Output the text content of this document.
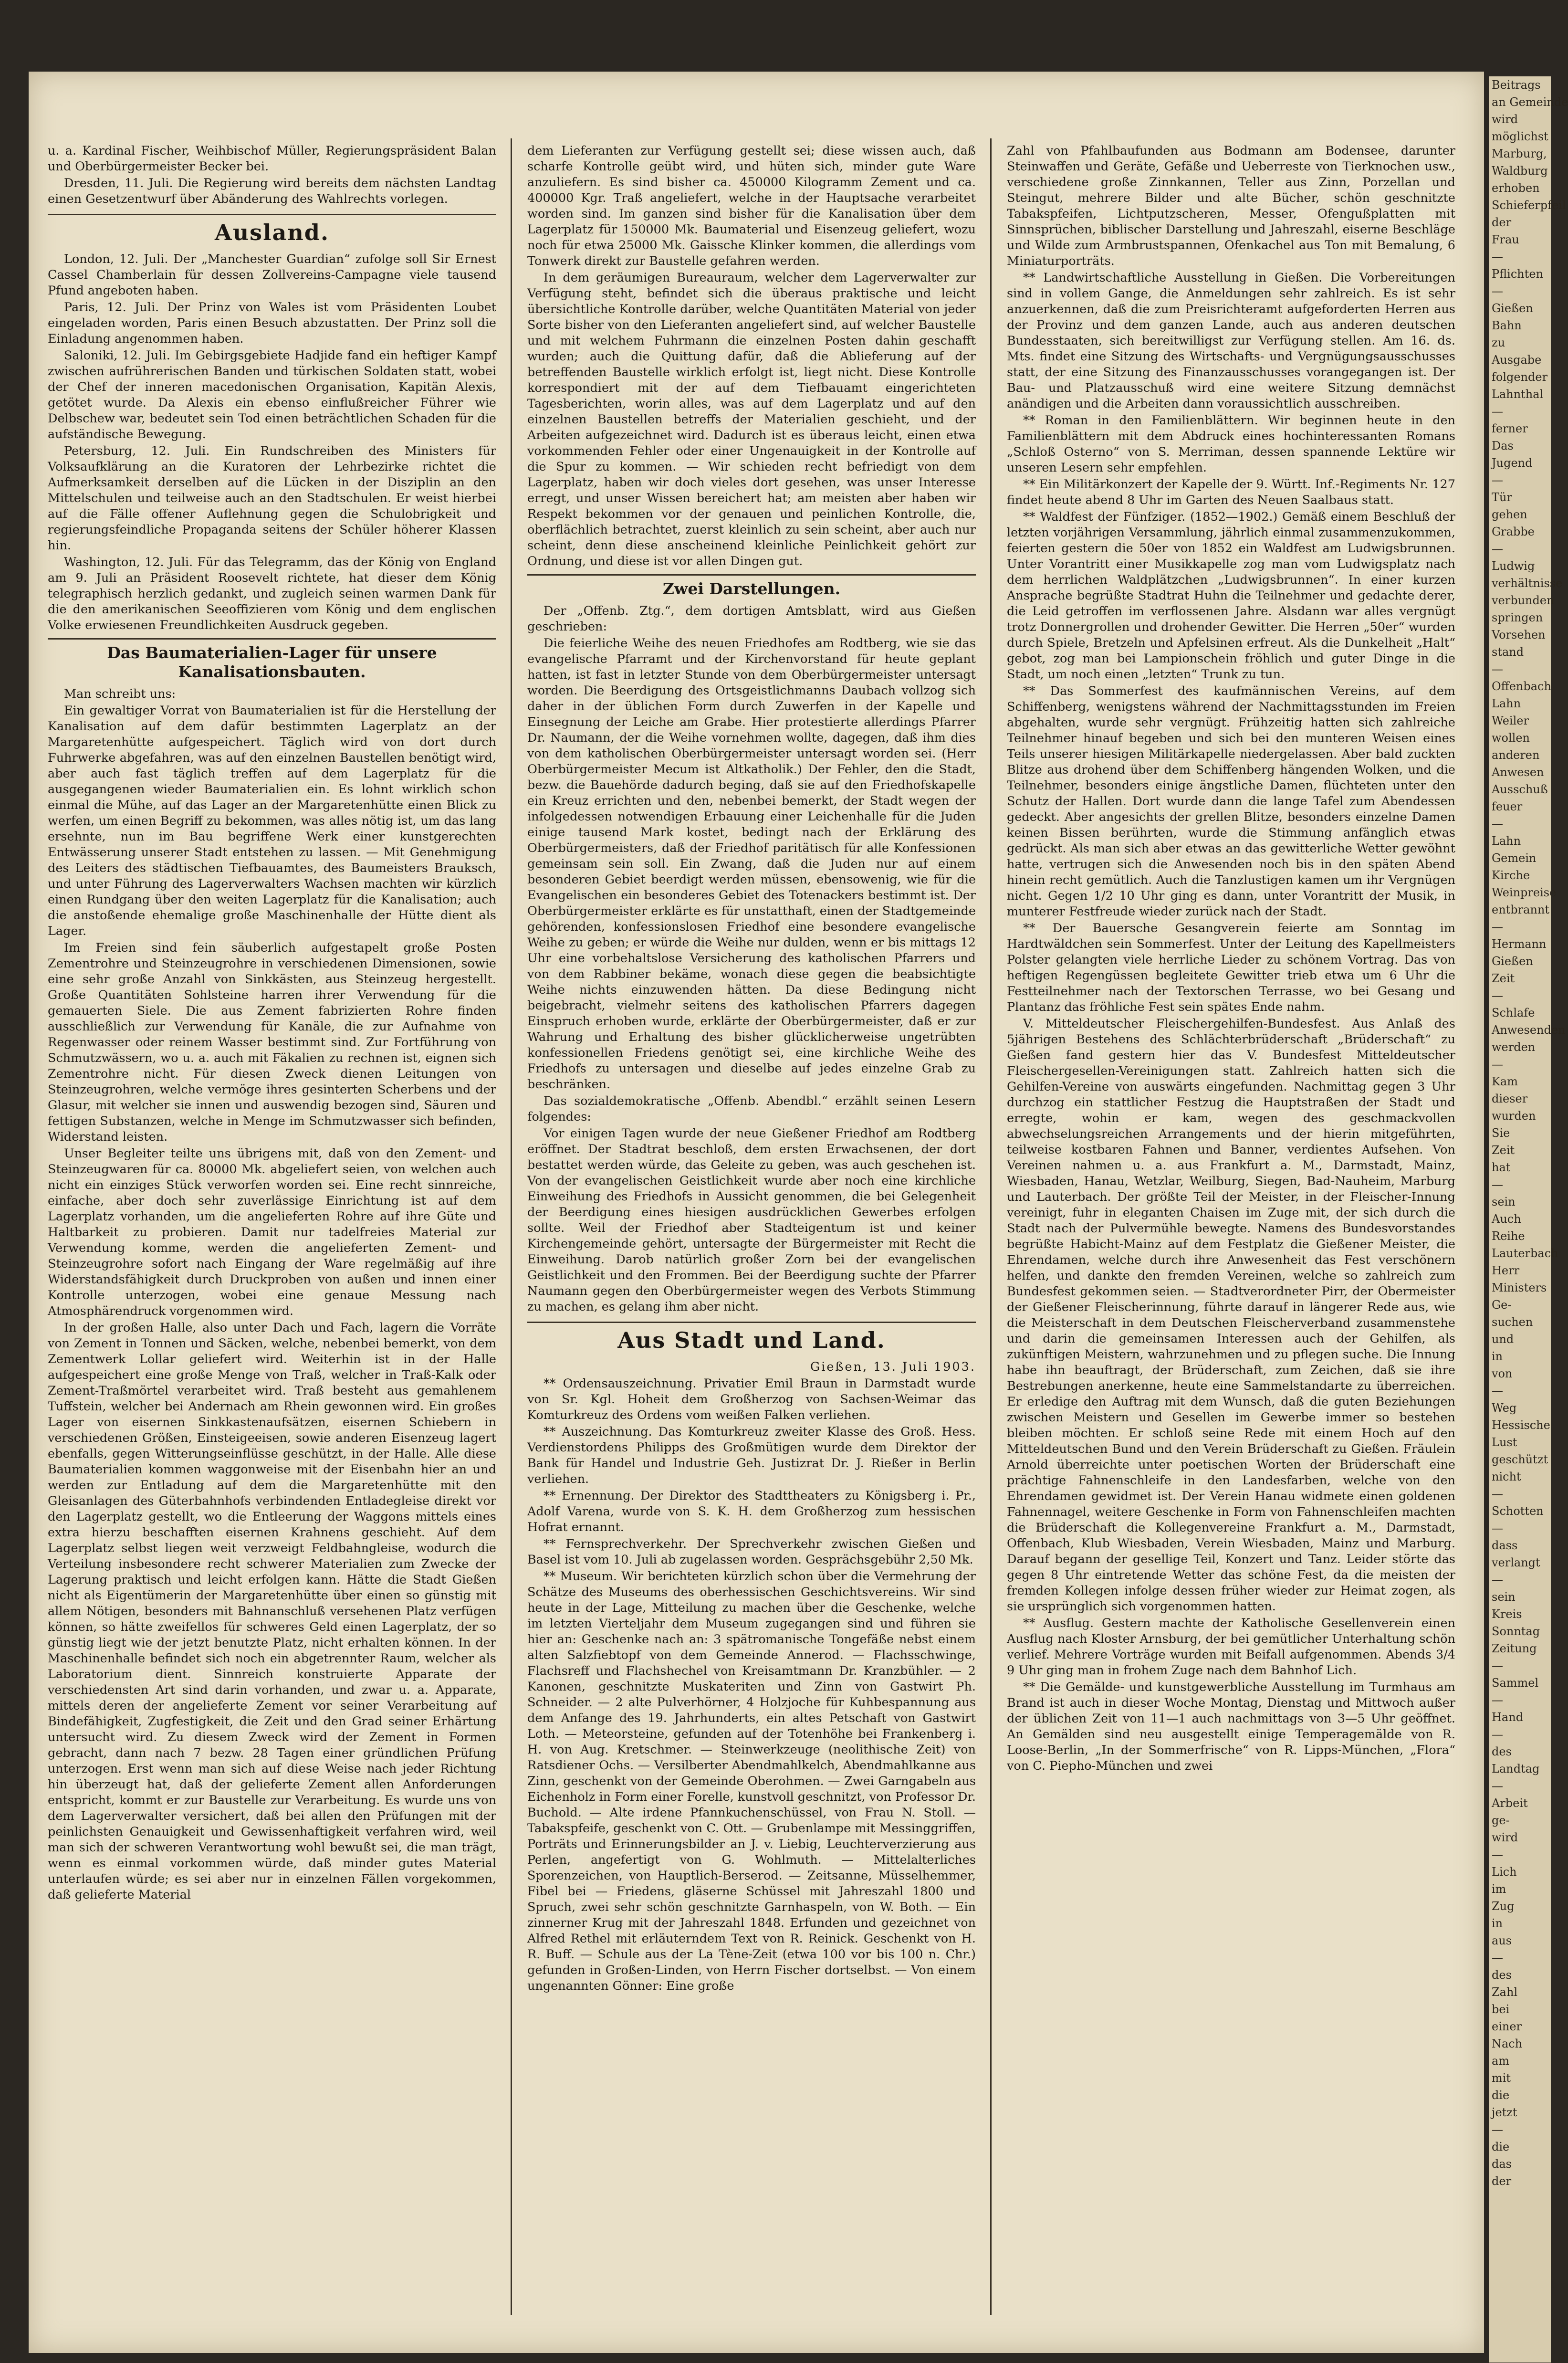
u. a. Kardinal Fischer, Weihbischof Müller, Regierungspräsident Balan und Oberbürgermeister Becker bei.

Dresden, 11. Juli. Die Regierung wird bereits dem nächsten Landtag einen Gesetzentwurf über Abänderung des Wahlrechts vorlegen.

Ausland.

London, 12. Juli. Der „Manchester Guardian“ zufolge soll Sir Ernest Cassel Chamberlain für dessen Zollvereins-Campagne viele tausend Pfund angeboten haben.

Paris, 12. Juli. Der Prinz von Wales ist vom Präsidenten Loubet eingeladen worden, Paris einen Besuch abzustatten. Der Prinz soll die Einladung angenommen haben.

Saloniki, 12. Juli. Im Gebirgsgebiete Hadjide fand ein heftiger Kampf zwischen aufrührerischen Banden und türkischen Soldaten statt, wobei der Chef der inneren macedonischen Organisation, Kapitän Alexis, getötet wurde. Da Alexis ein ebenso einflußreicher Führer wie Delbschew war, bedeutet sein Tod einen beträchtlichen Schaden für die aufständische Bewegung.

Petersburg, 12. Juli. Ein Rundschreiben des Ministers für Volksaufklärung an die Kuratoren der Lehrbezirke richtet die Aufmerksamkeit derselben auf die Lücken in der Disziplin an den Mittelschulen und teilweise auch an den Stadtschulen. Er weist hierbei auf die Fälle offener Auflehnung gegen die Schulobrigkeit und regierungsfeindliche Propaganda seitens der Schüler höherer Klassen hin.

Washington, 12. Juli. Für das Telegramm, das der König von England am 9. Juli an Präsident Roosevelt richtete, hat dieser dem König telegraphisch herzlich gedankt, und zugleich seinen warmen Dank für die den amerikanischen Seeoffizieren vom König und dem englischen Volke erwiesenen Freundlichkeiten Ausdruck gegeben.

Das Baumaterialien-Lager für unsere Kanalisationsbauten.

Man schreibt uns:

Ein gewaltiger Vorrat von Baumaterialien ist für die Herstellung der Kanalisation auf dem dafür bestimmten Lagerplatz an der Margaretenhütte aufgespeichert. Täglich wird von dort durch Fuhrwerke abgefahren, was auf den einzelnen Baustellen benötigt wird, aber auch fast täglich treffen auf dem Lagerplatz für die ausgegangenen wieder Baumaterialien ein. Es lohnt wirklich schon einmal die Mühe, auf das Lager an der Margaretenhütte einen Blick zu werfen, um einen Begriff zu bekommen, was alles nötig ist, um das lang ersehnte, nun im Bau begriffene Werk einer kunstgerechten Entwässerung unserer Stadt entstehen zu lassen. — Mit Genehmigung des Leiters des städtischen Tiefbauamtes, des Baumeisters Brauksch, und unter Führung des Lagerverwalters Wachsen machten wir kürzlich einen Rundgang über den weiten Lagerplatz für die Kanalisation; auch die anstoßende ehemalige große Maschinenhalle der Hütte dient als Lager.

Im Freien sind fein säuberlich aufgestapelt große Posten Zementrohre und Steinzeugrohre in verschiedenen Dimensionen, sowie eine sehr große Anzahl von Sinkkästen, aus Steinzeug hergestellt. Große Quantitäten Sohlsteine harren ihrer Verwendung für die gemauerten Siele. Die aus Zement fabrizierten Rohre finden ausschließlich zur Verwendung für Kanäle, die zur Aufnahme von Regenwasser oder reinem Wasser bestimmt sind. Zur Fortführung von Schmutzwässern, wo u. a. auch mit Fäkalien zu rechnen ist, eignen sich Zementrohre nicht. Für diesen Zweck dienen Leitungen von Steinzeugrohren, welche vermöge ihres gesinterten Scherbens und der Glasur, mit welcher sie innen und auswendig bezogen sind, Säuren und fettigen Substanzen, welche in Menge im Schmutzwasser sich befinden, Widerstand leisten.

Unser Begleiter teilte uns übrigens mit, daß von den Zement- und Steinzeugwaren für ca. 80000 Mk. abgeliefert seien, von welchen auch nicht ein einziges Stück verworfen worden sei. Eine recht sinnreiche, einfache, aber doch sehr zuverlässige Einrichtung ist auf dem Lagerplatz vorhanden, um die angelieferten Rohre auf ihre Güte und Haltbarkeit zu probieren. Damit nur tadelfreies Material zur Verwendung komme, werden die angelieferten Zement- und Steinzeugrohre sofort nach Eingang der Ware regelmäßig auf ihre Widerstandsfähigkeit durch Druckproben von außen und innen einer Kontrolle unterzogen, wobei eine genaue Messung nach Atmosphärendruck vorgenommen wird.

In der großen Halle, also unter Dach und Fach, lagern die Vorräte von Zement in Tonnen und Säcken, welche, nebenbei bemerkt, von dem Zementwerk Lollar geliefert wird. Weiterhin ist in der Halle aufgespeichert eine große Menge von Traß, welcher in Traß-Kalk oder Zement-Traßmörtel verarbeitet wird. Traß besteht aus gemahlenem Tuffstein, welcher bei Andernach am Rhein gewonnen wird. Ein großes Lager von eisernen Sinkkastenaufsätzen, eisernen Schiebern in verschiedenen Größen, Einsteigeeisen, sowie anderen Eisenzeug lagert ebenfalls, gegen Witterungseinflüsse geschützt, in der Halle. Alle diese Baumaterialien kommen waggonweise mit der Eisenbahn hier an und werden zur Entladung auf dem die Margaretenhütte mit den Gleisanlagen des Güterbahnhofs verbindenden Entladegleise direkt vor den Lagerplatz gestellt, wo die Entleerung der Waggons mittels eines extra hierzu beschafften eisernen Krahnens geschieht. Auf dem Lagerplatz selbst liegen weit verzweigt Feldbahngleise, wodurch die Verteilung insbesondere recht schwerer Materialien zum Zwecke der Lagerung praktisch und leicht erfolgen kann. Hätte die Stadt Gießen nicht als Eigentümerin der Margaretenhütte über einen so günstig mit allem Nötigen, besonders mit Bahnanschluß versehenen Platz verfügen können, so hätte zweifellos für schweres Geld einen Lagerplatz, der so günstig liegt wie der jetzt benutzte Platz, nicht erhalten können. In der Maschinenhalle befindet sich noch ein abgetrennter Raum, welcher als Laboratorium dient. Sinnreich konstruierte Apparate der verschiedensten Art sind darin vorhanden, und zwar u. a. Apparate, mittels deren der angelieferte Zement vor seiner Verarbeitung auf Bindefähigkeit, Zugfestigkeit, die Zeit und den Grad seiner Erhärtung untersucht wird. Zu diesem Zweck wird der Zement in Formen gebracht, dann nach 7 bezw. 28 Tagen einer gründlichen Prüfung unterzogen. Erst wenn man sich auf diese Weise nach jeder Richtung hin überzeugt hat, daß der gelieferte Zement allen Anforderungen entspricht, kommt er zur Baustelle zur Verarbeitung. Es wurde uns von dem Lagerverwalter versichert, daß bei allen den Prüfungen mit der peinlichsten Genauigkeit und Gewissenhaftigkeit verfahren wird, weil man sich der schweren Verantwortung wohl bewußt sei, die man trägt, wenn es einmal vorkommen würde, daß minder gutes Material unterlaufen würde; es sei aber nur in einzelnen Fällen vorgekommen, daß gelieferte Material

dem Lieferanten zur Verfügung gestellt sei; diese wissen auch, daß scharfe Kontrolle geübt wird, und hüten sich, minder gute Ware anzuliefern. Es sind bisher ca. 450000 Kilogramm Zement und ca. 400000 Kgr. Traß angeliefert, welche in der Hauptsache verarbeitet worden sind. Im ganzen sind bisher für die Kanalisation über dem Lagerplatz für 150000 Mk. Baumaterial und Eisenzeug geliefert, wozu noch für etwa 25000 Mk. Gaissche Klinker kommen, die allerdings vom Tonwerk direkt zur Baustelle gefahren werden.

In dem geräumigen Bureauraum, welcher dem Lagerverwalter zur Verfügung steht, befindet sich die überaus praktische und leicht übersichtliche Kontrolle darüber, welche Quantitäten Material von jeder Sorte bisher von den Lieferanten angeliefert sind, auf welcher Baustelle und mit welchem Fuhrmann die einzelnen Posten dahin geschafft wurden; auch die Quittung dafür, daß die Ablieferung auf der betreffenden Baustelle wirklich erfolgt ist, liegt nicht. Diese Kontrolle korrespondiert mit der auf dem Tiefbauamt eingerichteten Tagesberichten, worin alles, was auf dem Lagerplatz und auf den einzelnen Baustellen betreffs der Materialien geschieht, und der Arbeiten aufgezeichnet wird. Dadurch ist es überaus leicht, einen etwa vorkommenden Fehler oder einer Ungenauigkeit in der Kontrolle auf die Spur zu kommen. — Wir schieden recht befriedigt von dem Lagerplatz, haben wir doch vieles dort gesehen, was unser Interesse erregt, und unser Wissen bereichert hat; am meisten aber haben wir Respekt bekommen vor der genauen und peinlichen Kontrolle, die, oberflächlich betrachtet, zuerst kleinlich zu sein scheint, aber auch nur scheint, denn diese anscheinend kleinliche Peinlichkeit gehört zur Ordnung, und diese ist vor allen Dingen gut.

Zwei Darstellungen.

Der „Offenb. Ztg.“, dem dortigen Amtsblatt, wird aus Gießen geschrieben:

Die feierliche Weihe des neuen Friedhofes am Rodtberg, wie sie das evangelische Pfarramt und der Kirchenvorstand für heute geplant hatten, ist fast in letzter Stunde von dem Oberbürgermeister untersagt worden. Die Beerdigung des Ortsgeistlichmanns Daubach vollzog sich daher in der üblichen Form durch Zuwerfen in der Kapelle und Einsegnung der Leiche am Grabe. Hier protestierte allerdings Pfarrer Dr. Naumann, der die Weihe vornehmen wollte, dagegen, daß ihm dies von dem katholischen Oberbürgermeister untersagt worden sei. (Herr Oberbürgermeister Mecum ist Altkatholik.) Der Fehler, den die Stadt, bezw. die Bauehörde dadurch beging, daß sie auf den Friedhofskapelle ein Kreuz errichten und den, nebenbei bemerkt, der Stadt wegen der infolgedessen notwendigen Erbauung einer Leichenhalle für die Juden einige tausend Mark kostet, bedingt nach der Erklärung des Oberbürgermeisters, daß der Friedhof paritätisch für alle Konfessionen gemeinsam sein soll. Ein Zwang, daß die Juden nur auf einem besonderen Gebiet beerdigt werden müssen, ebensowenig, wie für die Evangelischen ein besonderes Gebiet des Totenackers bestimmt ist. Der Oberbürgermeister erklärte es für unstatthaft, einen der Stadtgemeinde gehörenden, konfessionslosen Friedhof eine besondere evangelische Weihe zu geben; er würde die Weihe nur dulden, wenn er bis mittags 12 Uhr eine vorbehaltslose Versicherung des katholischen Pfarrers und von dem Rabbiner bekäme, wonach diese gegen die beabsichtigte Weihe nichts einzuwenden hätten. Da diese Bedingung nicht beigebracht, vielmehr seitens des katholischen Pfarrers dagegen Einspruch erhoben wurde, erklärte der Oberbürgermeister, daß er zur Wahrung und Erhaltung des bisher glücklicherweise ungetrübten konfessionellen Friedens genötigt sei, eine kirchliche Weihe des Friedhofs zu untersagen und dieselbe auf jedes einzelne Grab zu beschränken.

Das sozialdemokratische „Offenb. Abendbl.“ erzählt seinen Lesern folgendes:

Vor einigen Tagen wurde der neue Gießener Friedhof am Rodtberg eröffnet. Der Stadtrat beschloß, dem ersten Erwachsenen, der dort bestattet werden würde, das Geleite zu geben, was auch geschehen ist. Von der evangelischen Geistlichkeit wurde aber noch eine kirchliche Einweihung des Friedhofs in Aussicht genommen, die bei Gelegenheit der Beerdigung eines hiesigen ausdrücklichen Gewerbes erfolgen sollte. Weil der Friedhof aber Stadteigentum ist und keiner Kirchengemeinde gehört, untersagte der Bürgermeister mit Recht die Einweihung. Darob natürlich großer Zorn bei der evangelischen Geistlichkeit und den Frommen. Bei der Beerdigung suchte der Pfarrer Naumann gegen den Oberbürgermeister wegen des Verbots Stimmung zu machen, es gelang ihm aber nicht.

Aus Stadt und Land.

Gießen, 13. Juli 1903.

** Ordensauszeichnung. Privatier Emil Braun in Darmstadt wurde von Sr. Kgl. Hoheit dem Großherzog von Sachsen-Weimar das Komturkreuz des Ordens vom weißen Falken verliehen.

** Auszeichnung. Das Komturkreuz zweiter Klasse des Groß. Hess. Verdienstordens Philipps des Großmütigen wurde dem Direktor der Bank für Handel und Industrie Geh. Justizrat Dr. J. Rießer in Berlin verliehen.

** Ernennung. Der Direktor des Stadttheaters zu Königsberg i. Pr., Adolf Varena, wurde von S. K. H. dem Großherzog zum hessischen Hofrat ernannt.

** Fernsprechverkehr. Der Sprechverkehr zwischen Gießen und Basel ist vom 10. Juli ab zugelassen worden. Gesprächsgebühr 2,50 Mk.

** Museum. Wir berichteten kürzlich schon über die Vermehrung der Schätze des Museums des oberhessischen Geschichtsvereins. Wir sind heute in der Lage, Mitteilung zu machen über die Geschenke, welche im letzten Vierteljahr dem Museum zugegangen sind und führen sie hier an: Geschenke nach an: 3 spätromanische Tongefäße nebst einem alten Salzfiebtopf von dem Gemeinde Annerod. — Flachsschwinge, Flachsreff und Flachshechel von Kreisamtmann Dr. Kranzbühler. — 2 Kanonen, geschnitzte Muskateriten und Zinn von Gastwirt Ph. Schneider. — 2 alte Pulverhörner, 4 Holzjoche für Kuhbespannung aus dem Anfange des 19. Jahrhunderts, ein altes Petschaft von Gastwirt Loth. — Meteorsteine, gefunden auf der Totenhöhe bei Frankenberg i. H. von Aug. Kretschmer. — Steinwerkzeuge (neolithische Zeit) von Ratsdiener Ochs. — Versilberter Abendmahlkelch, Abendmahlkanne aus Zinn, geschenkt von der Gemeinde Oberohmen. — Zwei Garngabeln aus Eichenholz in Form einer Forelle, kunstvoll geschnitzt, von Professor Dr. Buchold. — Alte irdene Pfannkuchenschüssel, von Frau N. Stoll. — Tabakspfeife, geschenkt von C. Ott. — Grubenlampe mit Messinggriffen, Porträts und Erinnerungsbilder an J. v. Liebig, Leuchterverzierung aus Perlen, angefertigt von G. Wohlmuth. — Mittelalterliches Sporenzeichen, von Hauptlich-Berserod. — Zeitsanne, Müsselhemmer, Fibel bei — Friedens, gläserne Schüssel mit Jahreszahl 1800 und Spruch, zwei sehr schön geschnitzte Garnhaspeln, von W. Both. — Ein zinnerner Krug mit der Jahreszahl 1848. Erfunden und gezeichnet von Alfred Rethel mit erläuterndem Text von R. Reinick. Geschenkt von H. R. Buff. — Schule aus der La Tène-Zeit (etwa 100 vor bis 100 n. Chr.) gefunden in Großen-Linden, von Herrn Fischer dortselbst. — Von einem ungenannten Gönner: Eine große

Zahl von Pfahlbaufunden aus Bodmann am Bodensee, darunter Steinwaffen und Geräte, Gefäße und Ueberreste von Tierknochen usw., verschiedene große Zinnkannen, Teller aus Zinn, Porzellan und Steingut, mehrere Bilder und alte Bücher, schön geschnitzte Tabakspfeifen, Lichtputzscheren, Messer, Ofengußplatten mit Sinnsprüchen, biblischer Darstellung und Jahreszahl, eiserne Beschläge und Wilde zum Armbrustspannen, Ofenkachel aus Ton mit Bemalung, 6 Miniaturporträts.

** Landwirtschaftliche Ausstellung in Gießen. Die Vorbereitungen sind in vollem Gange, die Anmeldungen sehr zahlreich. Es ist sehr anzuerkennen, daß die zum Preisrichteramt aufgeforderten Herren aus der Provinz und dem ganzen Lande, auch aus anderen deutschen Bundesstaaten, sich bereitwilligst zur Verfügung stellen. Am 16. ds. Mts. findet eine Sitzung des Wirtschafts- und Vergnügungsausschusses statt, der eine Sitzung des Finanzausschusses vorangegangen ist. Der Bau- und Platzausschuß wird eine weitere Sitzung demnächst anändigen und die Arbeiten dann voraussichtlich ausschreiben.

** Roman in den Familienblättern. Wir beginnen heute in den Familienblättern mit dem Abdruck eines hochinteressanten Romans „Schloß Osterno“ von S. Merriman, dessen spannende Lektüre wir unseren Lesern sehr empfehlen.

** Ein Militärkonzert der Kapelle der 9. Württ. Inf.-Regiments Nr. 127 findet heute abend 8 Uhr im Garten des Neuen Saalbaus statt.

** Waldfest der Fünfziger. (1852—1902.) Gemäß einem Beschluß der letzten vorjährigen Versammlung, jährlich einmal zusammenzukommen, feierten gestern die 50er von 1852 ein Waldfest am Ludwigsbrunnen. Unter Vorantritt einer Musikkapelle zog man vom Ludwigsplatz nach dem herrlichen Waldplätzchen „Ludwigsbrunnen“. In einer kurzen Ansprache begrüßte Stadtrat Huhn die Teilnehmer und gedachte derer, die Leid getroffen im verflossenen Jahre. Alsdann war alles vergnügt trotz Donnergrollen und drohender Gewitter. Die Herren „50er“ wurden durch Spiele, Bretzeln und Apfelsinen erfreut. Als die Dunkelheit „Halt“ gebot, zog man bei Lampionschein fröhlich und guter Dinge in die Stadt, um noch einen „letzten“ Trunk zu tun.

** Das Sommerfest des kaufmännischen Vereins, auf dem Schiffenberg, wenigstens während der Nachmittagsstunden im Freien abgehalten, wurde sehr vergnügt. Frühzeitig hatten sich zahlreiche Teilnehmer hinauf begeben und sich bei den munteren Weisen eines Teils unserer hiesigen Militärkapelle niedergelassen. Aber bald zuckten Blitze aus drohend über dem Schiffenberg hängenden Wolken, und die Teilnehmer, besonders einige ängstliche Damen, flüchteten unter den Schutz der Hallen. Dort wurde dann die lange Tafel zum Abendessen gedeckt. Aber angesichts der grellen Blitze, besonders einzelne Damen keinen Bissen berührten, wurde die Stimmung anfänglich etwas gedrückt. Als man sich aber etwas an das gewitterliche Wetter gewöhnt hatte, vertrugen sich die Anwesenden noch bis in den späten Abend hinein recht gemütlich. Auch die Tanzlustigen kamen um ihr Vergnügen nicht. Gegen 1/2 10 Uhr ging es dann, unter Vorantritt der Musik, in munterer Festfreude wieder zurück nach der Stadt.

** Der Bauersche Gesangverein feierte am Sonntag im Hardtwäldchen sein Sommerfest. Unter der Leitung des Kapellmeisters Polster gelangten viele herrliche Lieder zu schönem Vortrag. Das von heftigen Regengüssen begleitete Gewitter trieb etwa um 6 Uhr die Festteilnehmer nach der Textorschen Terrasse, wo bei Gesang und Plantanz das fröhliche Fest sein spätes Ende nahm.

V. Mitteldeutscher Fleischergehilfen-Bundesfest. Aus Anlaß des 5jährigen Bestehens des Schlächterbrüderschaft „Brüderschaft“ zu Gießen fand gestern hier das V. Bundesfest Mitteldeutscher Fleischergesellen-Vereinigungen statt. Zahlreich hatten sich die Gehilfen-Vereine von auswärts eingefunden. Nachmittag gegen 3 Uhr durchzog ein stattlicher Festzug die Hauptstraßen der Stadt und erregte, wohin er kam, wegen des geschmackvollen abwechselungsreichen Arrangements und der hierin mitgeführten, teilweise kostbaren Fahnen und Banner, verdientes Aufsehen. Von Vereinen nahmen u. a. aus Frankfurt a. M., Darmstadt, Mainz, Wiesbaden, Hanau, Wetzlar, Weilburg, Siegen, Bad-Nauheim, Marburg und Lauterbach. Der größte Teil der Meister, in der Fleischer-Innung vereinigt, fuhr in eleganten Chaisen im Zuge mit, der sich durch die Stadt nach der Pulvermühle bewegte. Namens des Bundesvorstandes begrüßte Habicht-Mainz auf dem Festplatz die Gießener Meister, die Ehrendamen, welche durch ihre Anwesenheit das Fest verschönern helfen, und dankte den fremden Vereinen, welche so zahlreich zum Bundesfest gekommen seien. — Stadtverordneter Pirr, der Obermeister der Gießener Fleischerinnung, führte darauf in längerer Rede aus, wie die Meisterschaft in dem Deutschen Fleischerverband zusammenstehe und darin die gemeinsamen Interessen auch der Gehilfen, als zukünftigen Meistern, wahrzunehmen und zu pflegen suche. Die Innung habe ihn beauftragt, der Brüderschaft, zum Zeichen, daß sie ihre Bestrebungen anerkenne, heute eine Sammelstandarte zu überreichen. Er erledige den Auftrag mit dem Wunsch, daß die guten Beziehungen zwischen Meistern und Gesellen im Gewerbe immer so bestehen bleiben möchten. Er schloß seine Rede mit einem Hoch auf den Mitteldeutschen Bund und den Verein Brüderschaft zu Gießen. Fräulein Arnold überreichte unter poetischen Worten der Brüderschaft eine prächtige Fahnenschleife in den Landesfarben, welche von den Ehrendamen gewidmet ist. Der Verein Hanau widmete einen goldenen Fahnennagel, weitere Geschenke in Form von Fahnenschleifen machten die Brüderschaft die Kollegenvereine Frankfurt a. M., Darmstadt, Offenbach, Klub Wiesbaden, Verein Wiesbaden, Mainz und Marburg. Darauf begann der gesellige Teil, Konzert und Tanz. Leider störte das gegen 8 Uhr eintretende Wetter das schöne Fest, da die meisten der fremden Kollegen infolge dessen früher wieder zur Heimat zogen, als sie ursprünglich sich vorgenommen hatten.

** Ausflug. Gestern machte der Katholische Gesellenverein einen Ausflug nach Kloster Arnsburg, der bei gemütlicher Unterhaltung schön verlief. Mehrere Vorträge wurden mit Beifall aufgenommen. Abends 3/4 9 Uhr ging man in frohem Zuge nach dem Bahnhof Lich.

** Die Gemälde- und kunstgewerbliche Ausstellung im Turmhaus am Brand ist auch in dieser Woche Montag, Dienstag und Mittwoch außer der üblichen Zeit von 11—1 auch nachmittags von 3—5 Uhr geöffnet. An Gemälden sind neu ausgestellt einige Temperagemälde von R. Loose-Berlin, „In der Sommerfrische“ von R. Lipps-München, „Flora“ von C. Piepho-München und zwei

Beitrags
an Gemeinde
wird
möglichst
Marburg,
Waldburg
erhoben
Schieferpfeil
der
Frau
—
Pflichten
—
Gießen
Bahn
zu
Ausgabe
folgender
Lahnthal
—
ferner
Das
Jugend
—
Tür
gehen
Grabbe
—
Ludwig
verhältnisse
verbunden
springen
Vorsehen
stand
—
Offenbach
Lahn
Weiler
wollen
anderen
Anwesen
Ausschuß
feuer
—
Lahn
Gemein
Kirche
Weinpreise
entbrannt
—
Hermann
Gießen
Zeit
—
Schlafe
Anwesenden
werden
—
Kam
dieser
wurden
Sie
Zeit
hat
—
sein
Auch
Reihe
Lauterbach
Herr
Ministers
Ge-
suchen
und
in
von
—
Weg
Hessische
Lust
geschützt
nicht
—
Schotten
—
dass
verlangt
—
sein
Kreis
Sonntag
Zeitung
—
Sammel
—
Hand
—
des
Landtag
—
Arbeit
ge-
wird
—
Lich
im
Zug
in
aus
—
des
Zahl
bei
einer
Nach
am
mit
die
jetzt
—
die
das
der
